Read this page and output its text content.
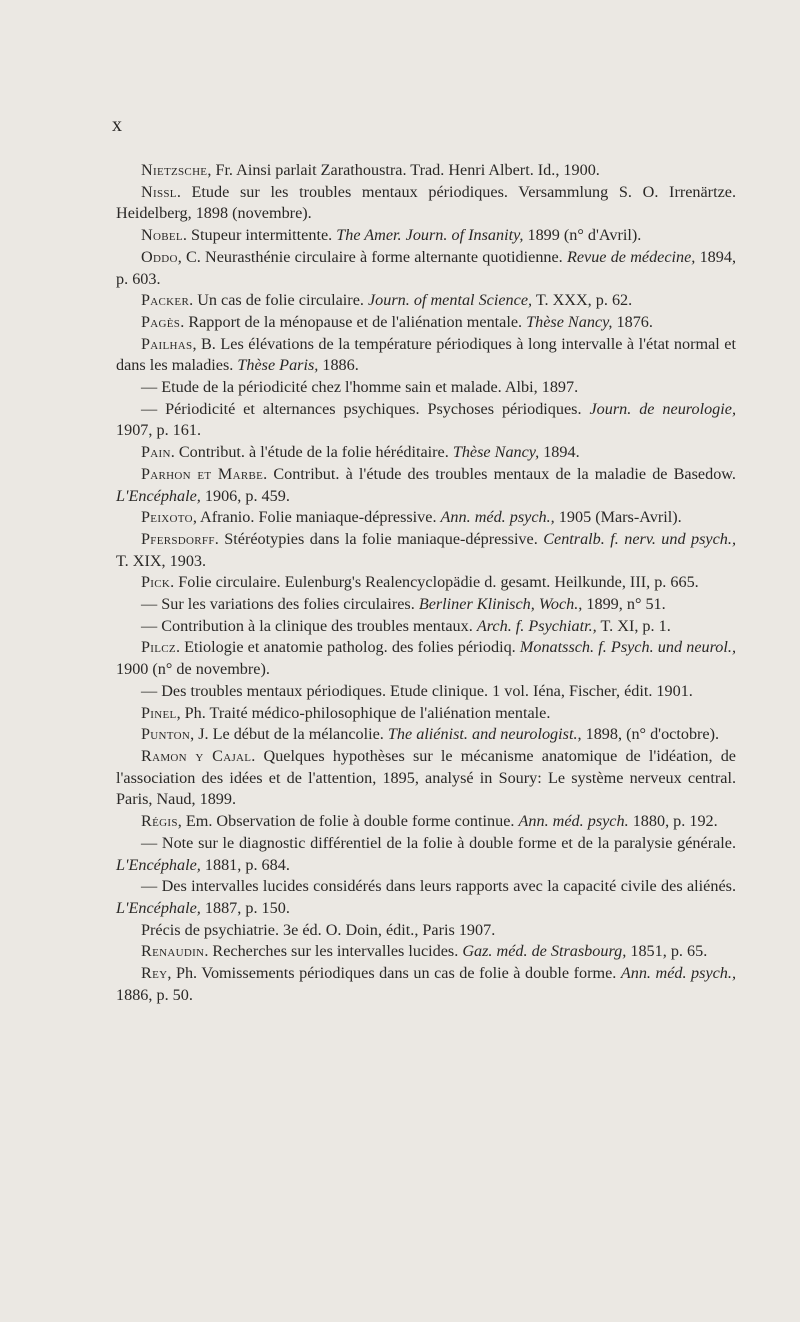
x

Nietzsche, Fr. Ainsi parlait Zarathoustra. Trad. Henri Albert. Id., 1900.

Nissl. Etude sur les troubles mentaux périodiques. Versammlung S. O. Irrenärtze. Heidelberg, 1898 (novembre).

Nobel. Stupeur intermittente. The Amer. Journ. of Insanity, 1899 (n° d'Avril).

Oddo, C. Neurasthénie circulaire à forme alternante quotidienne. Revue de médecine, 1894, p. 603.

Packer. Un cas de folie circulaire. Journ. of mental Science, T. XXX, p. 62.

Pagès. Rapport de la ménopause et de l'aliénation mentale. Thèse Nancy, 1876.

Pailhas, B. Les élévations de la température périodiques à long intervalle à l'état normal et dans les maladies. Thèse Paris, 1886.

— Etude de la périodicité chez l'homme sain et malade. Albi, 1897.

— Périodicité et alternances psychiques. Psychoses périodiques. Journ. de neurologie, 1907, p. 161.

Pain. Contribut. à l'étude de la folie héréditaire. Thèse Nancy, 1894.

Parhon et Marbe. Contribut. à l'étude des troubles mentaux de la maladie de Basedow. L'Encéphale, 1906, p. 459.

Peixoto, Afranio. Folie maniaque-dépressive. Ann. méd. psych., 1905 (Mars-Avril).

Pfersdorff. Stéréotypies dans la folie maniaque-dépressive. Centralb. f. nerv. und psych., T. XIX, 1903.

Pick. Folie circulaire. Eulenburg's Realencyclopädie d. gesamt. Heilkunde, III, p. 665.

— Sur les variations des folies circulaires. Berliner Klinisch, Woch., 1899, n° 51.

— Contribution à la clinique des troubles mentaux. Arch. f. Psychiatr., T. XI, p. 1.

Pilcz. Etiologie et anatomie patholog. des folies périodiq. Monatssch. f. Psych. und neurol., 1900 (n° de novembre).

— Des troubles mentaux périodiques. Etude clinique. 1 vol. Iéna, Fischer, édit. 1901.

Pinel, Ph. Traité médico-philosophique de l'aliénation mentale.

Punton, J. Le début de la mélancolie. The aliénist. and neurologist., 1898, (n° d'octobre).

Ramon y Cajal. Quelques hypothèses sur le mécanisme anatomique de l'idéation, de l'association des idées et de l'attention, 1895, analysé in Soury: Le système nerveux central. Paris, Naud, 1899.

Régis, Em. Observation de folie à double forme continue. Ann. méd. psych. 1880, p. 192.

— Note sur le diagnostic différentiel de la folie à double forme et de la paralysie générale. L'Encéphale, 1881, p. 684.

— Des intervalles lucides considérés dans leurs rapports avec la capacité civile des aliénés. L'Encéphale, 1887, p. 150.

Précis de psychiatrie. 3e éd. O. Doin, édit., Paris 1907.

Renaudin. Recherches sur les intervalles lucides. Gaz. méd. de Strasbourg, 1851, p. 65.

Rey, Ph. Vomissements périodiques dans un cas de folie à double forme. Ann. méd. psych., 1886, p. 50.
